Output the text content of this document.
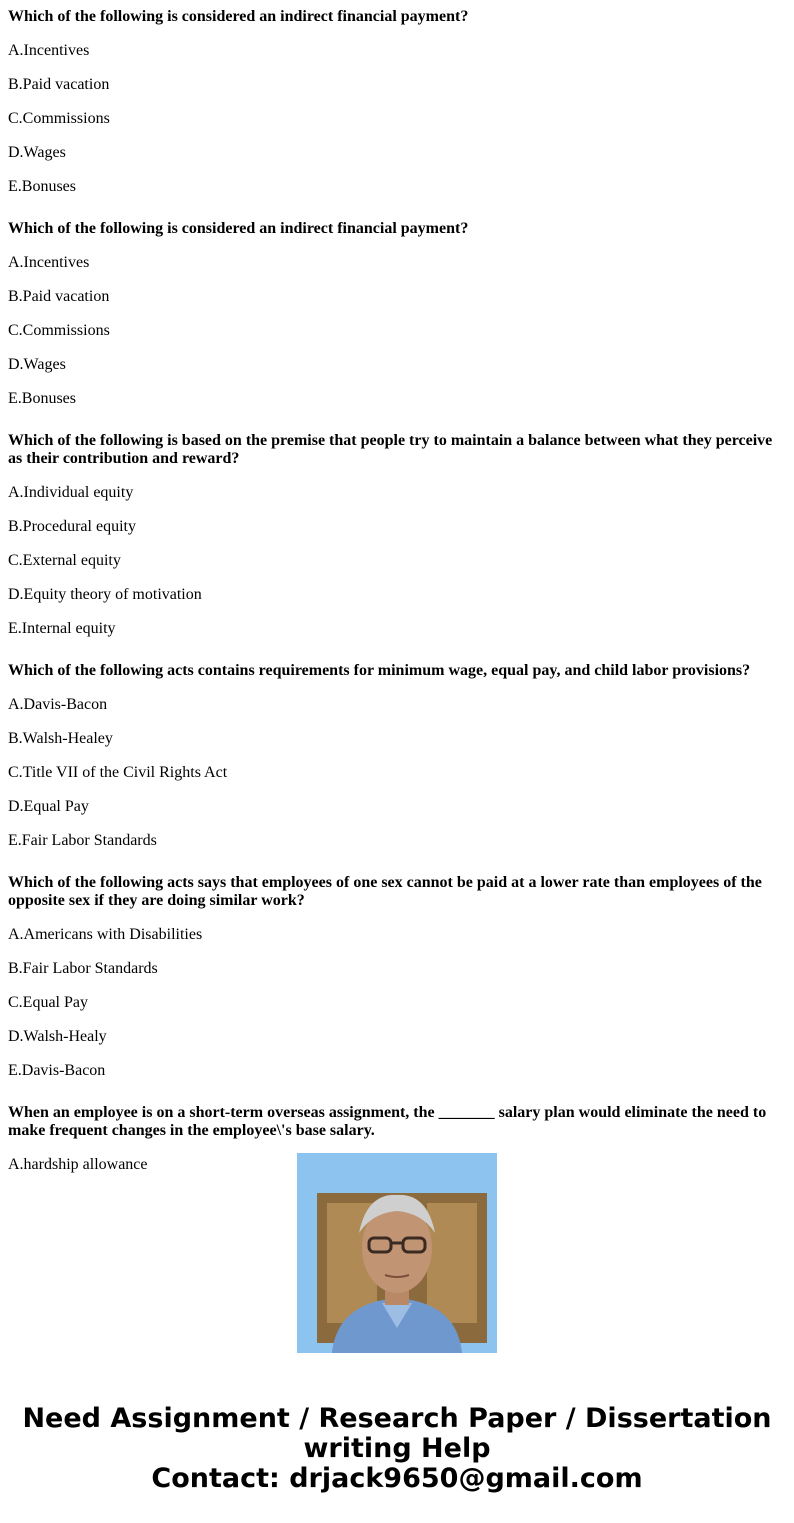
Which of the following is considered an indirect financial payment?
A.Incentives
B.Paid vacation
C.Commissions
D.Wages
E.Bonuses
Which of the following is considered an indirect financial payment?
A.Incentives
B.Paid vacation
C.Commissions
D.Wages
E.Bonuses
Which of the following is based on the premise that people try to maintain a balance between what they perceive as their contribution and reward?
A.Individual equity
B.Procedural equity
C.External equity
D.Equity theory of motivation
E.Internal equity
Which of the following acts contains requirements for minimum wage, equal pay, and child labor provisions?
A.Davis-Bacon
B.Walsh-Healey
C.Title VII of the Civil Rights Act
D.Equal Pay
E.Fair Labor Standards
Which of the following acts says that employees of one sex cannot be paid at a lower rate than employees of the opposite sex if they are doing similar work?
A.Americans with Disabilities
B.Fair Labor Standards
C.Equal Pay
D.Walsh-Healy
E.Davis-Bacon
When an employee is on a short-term overseas assignment, the _______ salary plan would eliminate the need to make frequent changes in the employee\'s base salary.
A.hardship allowance
Need Assignment / Research Paper / Dissertation writing Help
Contact: drjack9650@gmail.com
